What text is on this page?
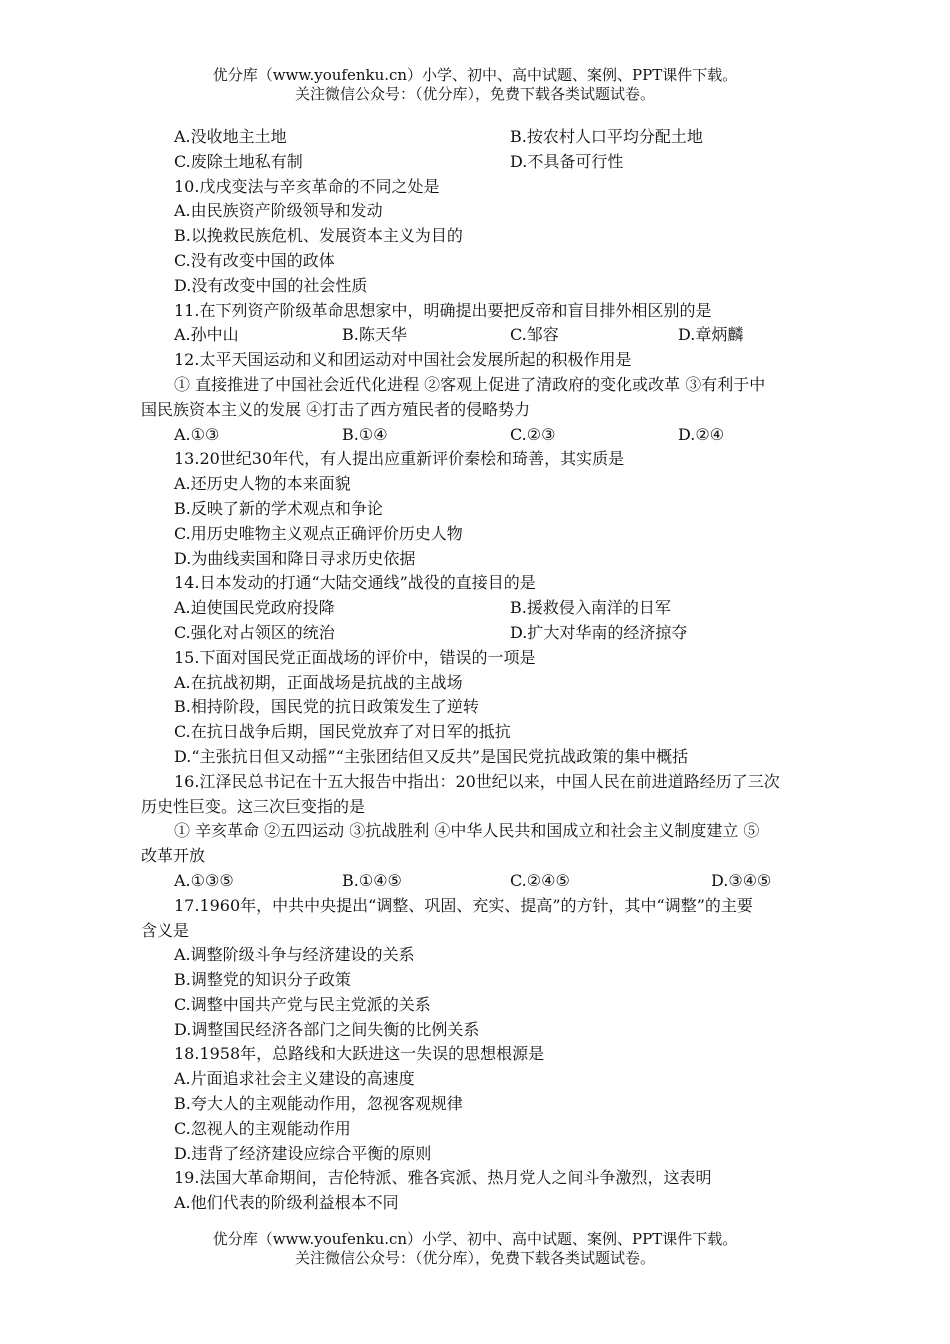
优分库（www.youfenku.cn）小学、初中、高中试题、案例、PPT课件下载。
关注微信公众号：（优分库），免费下载各类试题试卷。
A.没收地主土地	B.按农村人口平均分配土地
C.废除土地私有制	D.不具备可行性
10.戊戌变法与辛亥革命的不同之处是
A.由民族资产阶级领导和发动
B.以挽救民族危机、发展资本主义为目的
C.没有改变中国的政体
D.没有改变中国的社会性质
11.在下列资产阶级革命思想家中，明确提出要把反帝和盲目排外相区别的是
A.孙中山	B.陈天华	C.邹容	D.章炳麟
12.太平天国运动和义和团运动对中国社会发展所起的积极作用是
① 直接推进了中国社会近代化进程 ②客观上促进了清政府的变化或改革 ③有利于中
国民族资本主义的发展 ④打击了西方殖民者的侵略势力
A.①③	B.①④	C.②③	D.②④
13.20世纪30年代，有人提出应重新评价秦桧和琦善，其实质是
A.还历史人物的本来面貌
B.反映了新的学术观点和争论
C.用历史唯物主义观点正确评价历史人物
D.为曲线卖国和降日寻求历史依据
14.日本发动的打通“大陆交通线”战役的直接目的是
A.迫使国民党政府投降	B.援救侵入南洋的日军
C.强化对占领区的统治	D.扩大对华南的经济掠夺
15.下面对国民党正面战场的评价中，错误的一项是
A.在抗战初期，正面战场是抗战的主战场
B.相持阶段，国民党的抗日政策发生了逆转
C.在抗日战争后期，国民党放弃了对日军的抵抗
D.“主张抗日但又动摇”“主张团结但又反共”是国民党抗战政策的集中概括
16.江泽民总书记在十五大报告中指出：20世纪以来，中国人民在前进道路经历了三次
历史性巨变。这三次巨变指的是
① 辛亥革命 ②五四运动 ③抗战胜利 ④中华人民共和国成立和社会主义制度建立 ⑤
改革开放
A.①③⑤	B.①④⑤	C.②④⑤	D.③④⑤
17.1960年，中共中央提出“调整、巩固、充实、提高”的方针，其中“调整”的主要
含义是
A.调整阶级斗争与经济建设的关系
B.调整党的知识分子政策
C.调整中国共产党与民主党派的关系
D.调整国民经济各部门之间失衡的比例关系
18.1958年，总路线和大跃进这一失误的思想根源是
A.片面追求社会主义建设的高速度
B.夸大人的主观能动作用，忽视客观规律
C.忽视人的主观能动作用
D.违背了经济建设应综合平衡的原则
19.法国大革命期间，吉伦特派、雅各宾派、热月党人之间斗争激烈，这表明
A.他们代表的阶级利益根本不同
优分库（www.youfenku.cn）小学、初中、高中试题、案例、PPT课件下载。
关注微信公众号：（优分库），免费下载各类试题试卷。
